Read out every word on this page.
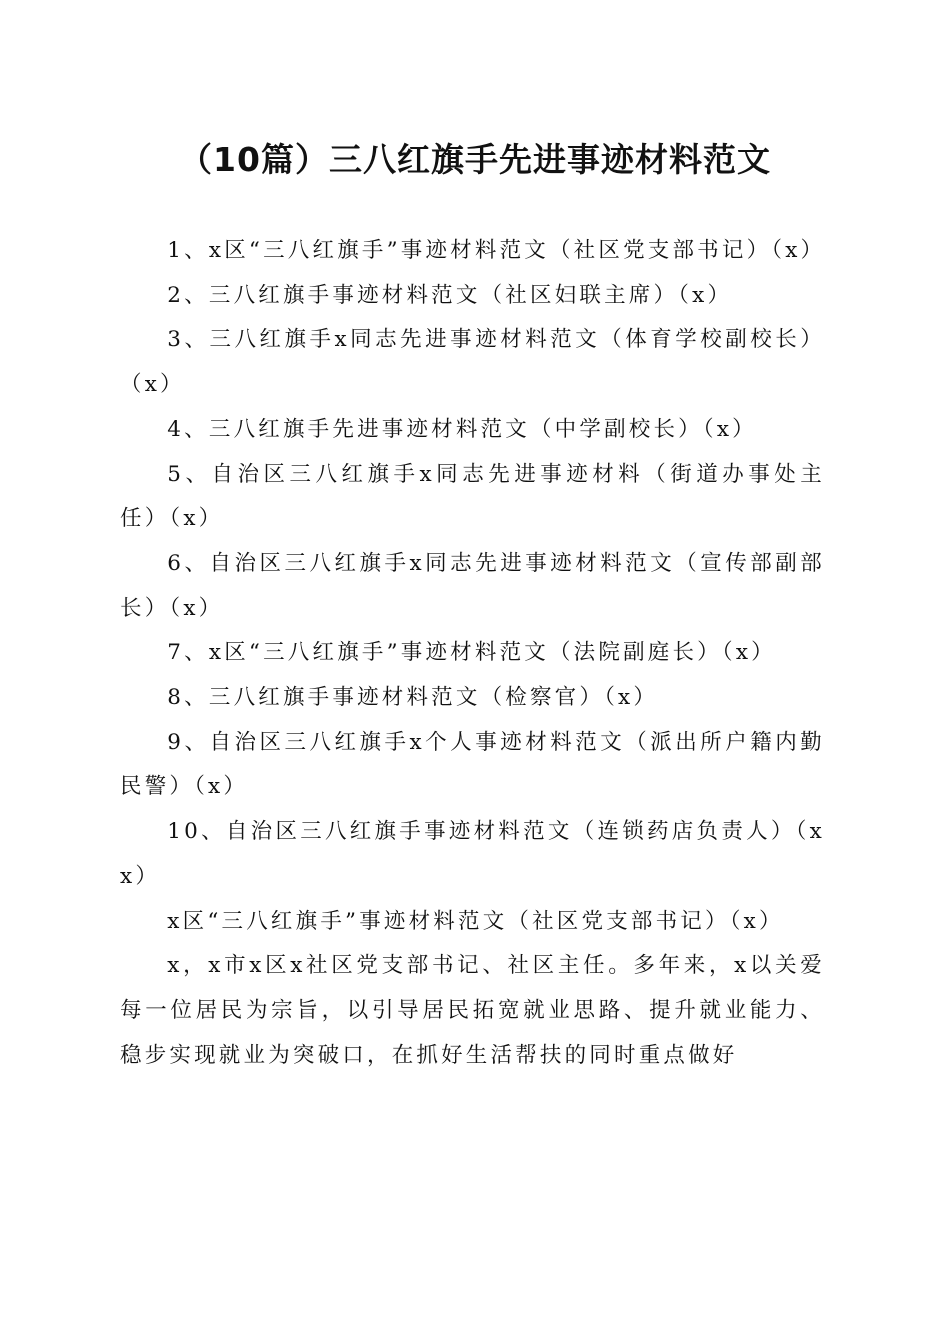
（10篇）三八红旗手先进事迹材料范文

1、x区“三八红旗手”事迹材料范文（社区党支部书记）（x）

2、三八红旗手事迹材料范文（社区妇联主席）（x）

3、三八红旗手x同志先进事迹材料范文（体育学校副校长）（x）

4、三八红旗手先进事迹材料范文（中学副校长）（x）

5、自治区三八红旗手x同志先进事迹材料（街道办事处主任）（x）

6、自治区三八红旗手x同志先进事迹材料范文（宣传部副部长）（x）

7、x区“三八红旗手”事迹材料范文（法院副庭长）（x）

8、三八红旗手事迹材料范文（检察官）（x）

9、自治区三八红旗手x个人事迹材料范文（派出所户籍内勤民警）（x）

10、自治区三八红旗手事迹材料范文（连锁药店负责人）（xx）

x区“三八红旗手”事迹材料范文（社区党支部书记）（x）

x，x市x区x社区党支部书记、社区主任。多年来，x以关爱每一位居民为宗旨，以引导居民拓宽就业思路、提升就业能力、稳步实现就业为突破口，在抓好生活帮扶的同时重点做好
